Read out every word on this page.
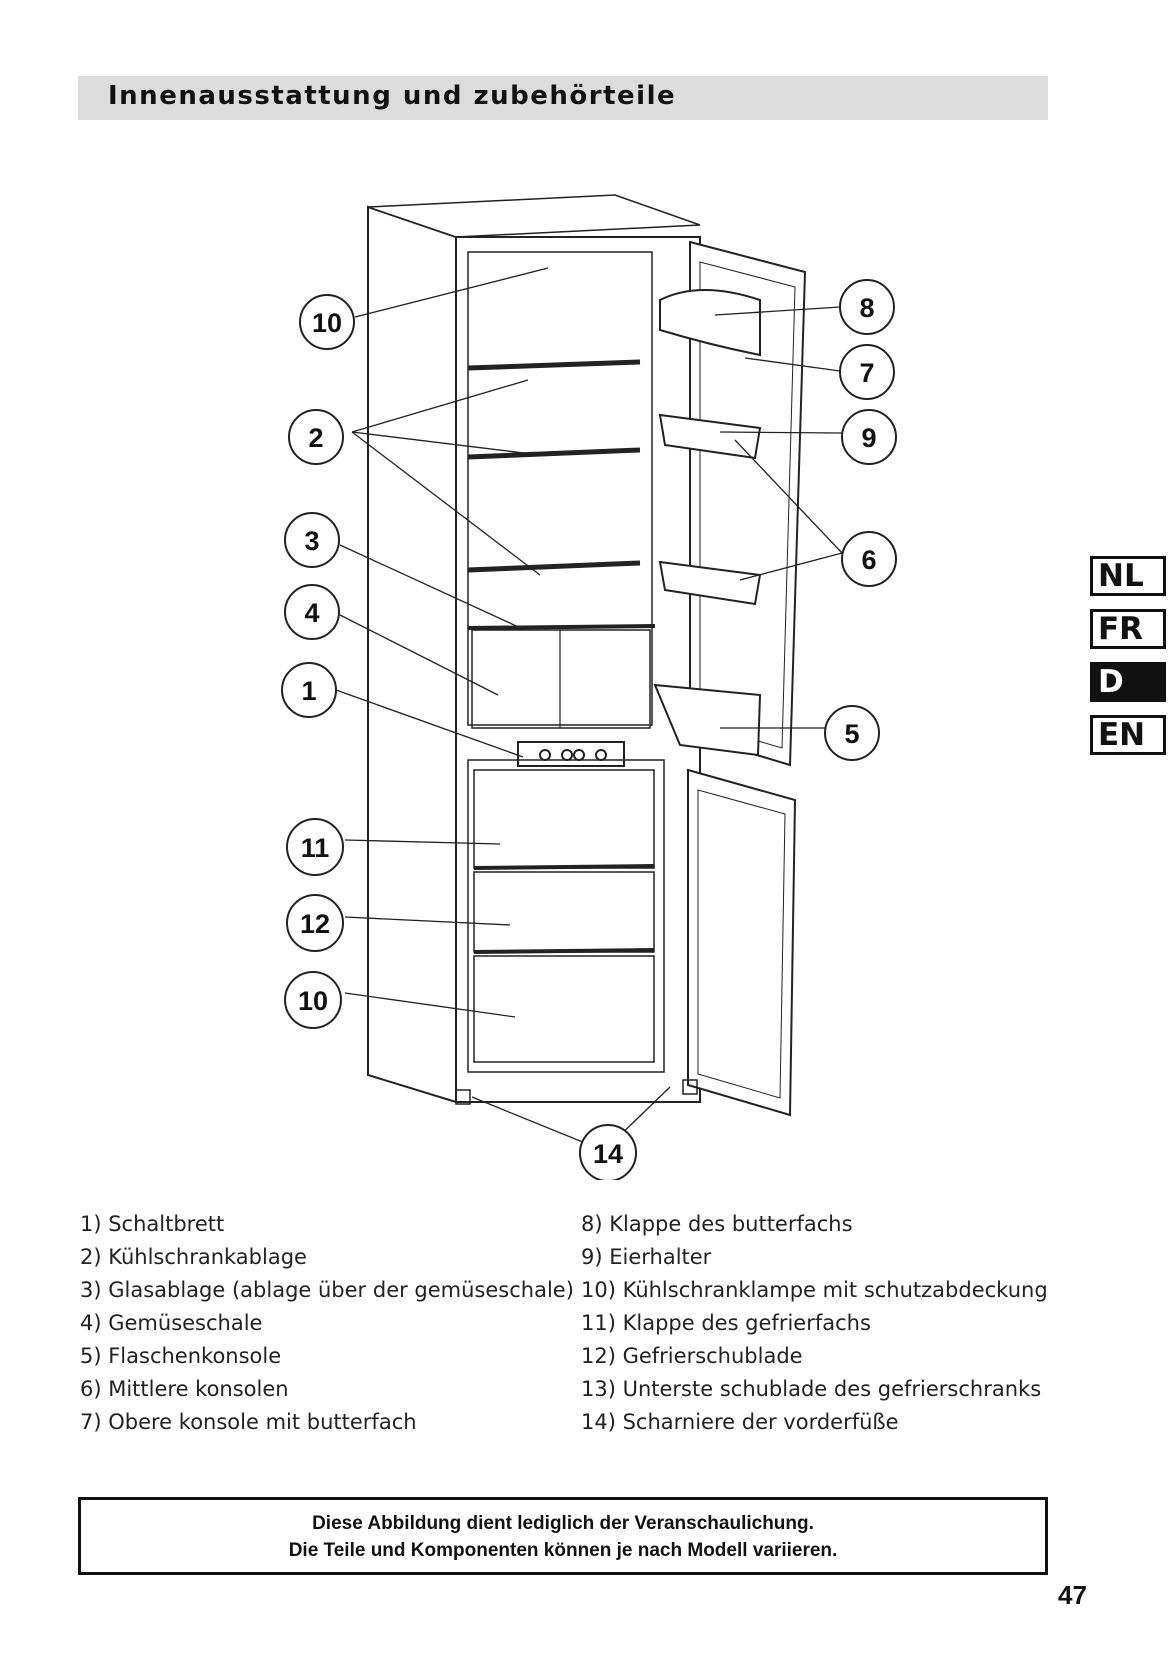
Innenausstattung und zubehörteile
10
2
3
4
1
11
12
10
8
7
9
6
5
14
NL
FR
D
EN
1) Schaltbrett
2) Kühlschrankablage
3) Glasablage (ablage über der gemüseschale)
4) Gemüseschale
5) Flaschenkonsole
6) Mittlere konsolen
7) Obere konsole mit butterfach
8) Klappe des butterfachs
9) Eierhalter
10) Kühlschranklampe mit schutzabdeckung
11) Klappe des gefrierfachs
12) Gefrierschublade
13) Unterste schublade des gefrierschranks
14) Scharniere der vorderfüße
Diese Abbildung dient lediglich der Veranschaulichung.
Die Teile und Komponenten können je nach Modell variieren.
47
